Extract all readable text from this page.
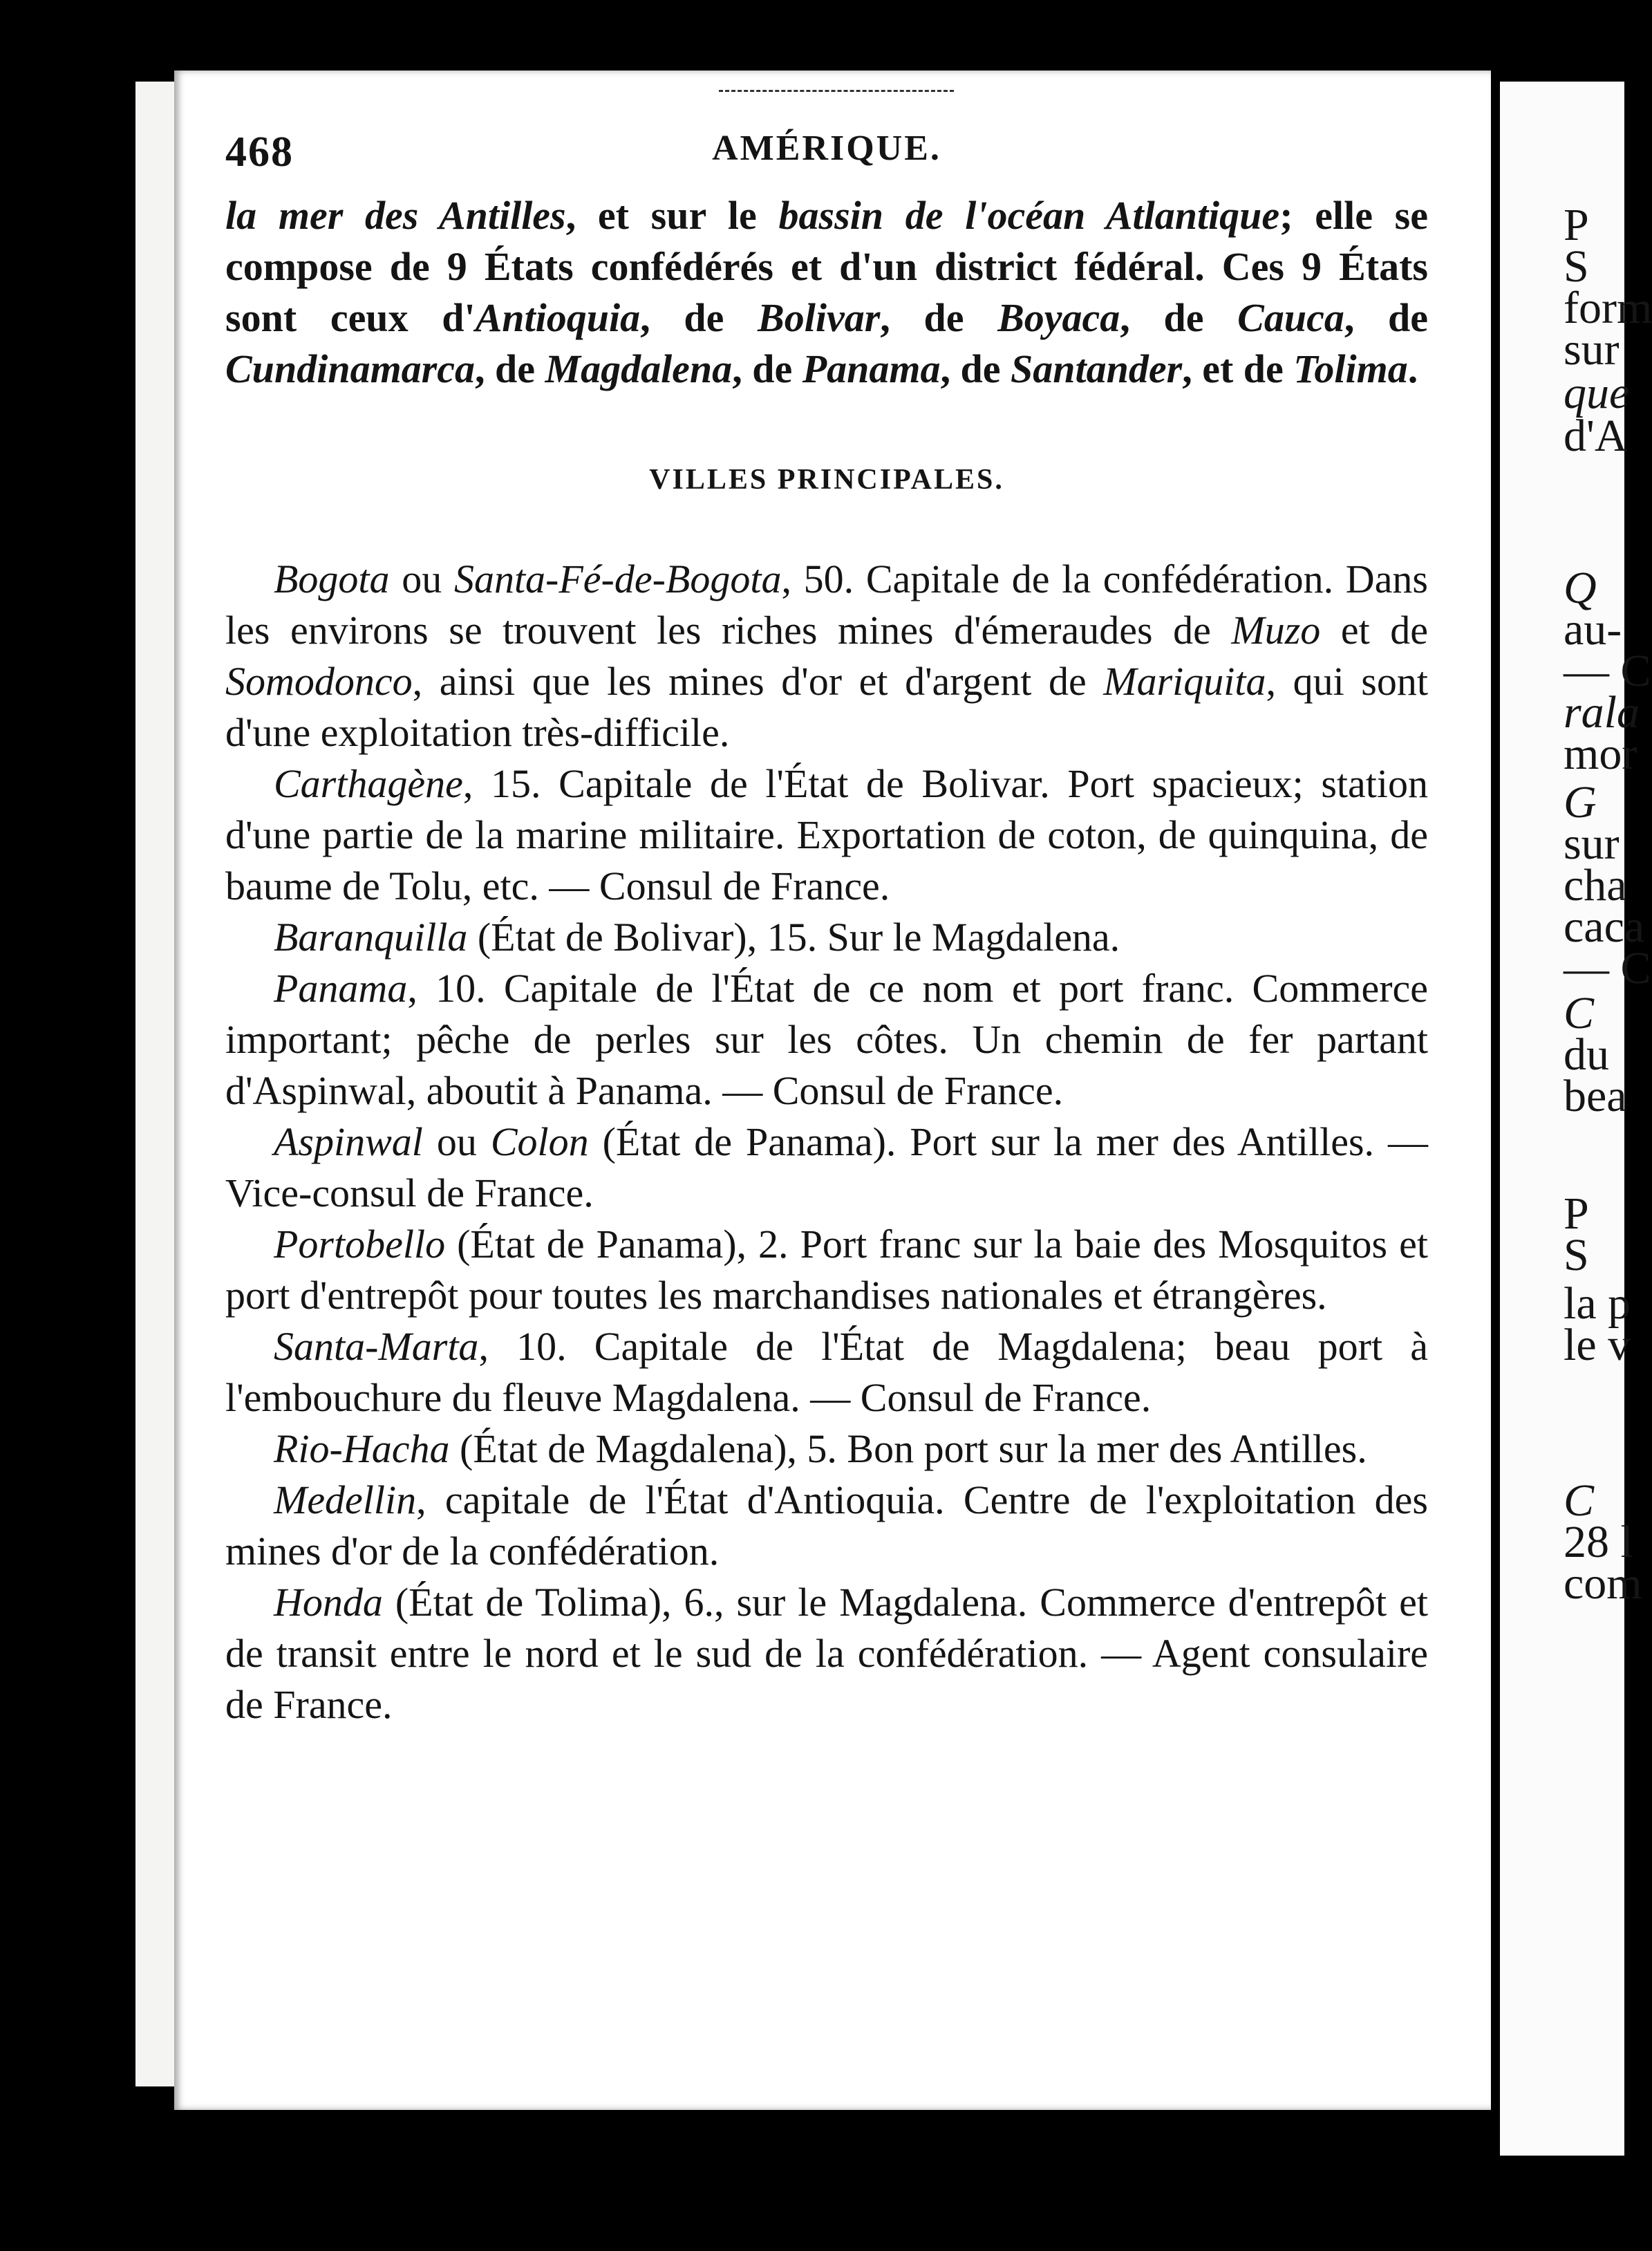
P
S
form
sur
que
d'A
Q
au-
— C
rala
mor
G
sur
cha
caca
— C
C
du
bea
P
S
la p
le v
C
28 l
com
468	AMÉRIQUE.

la mer des Antilles, et sur le bassin de l'océan Atlantique; elle se compose de 9 États confédérés et d'un district fédéral. Ces 9 États sont ceux d'Antioquia, de Bolivar, de Boyaca, de Cauca, de Cundinamarca, de Magdalena, de Panama, de Santander, et de Tolima.

VILLES PRINCIPALES.

Bogota ou Santa-Fé-de-Bogota, 50. Capitale de la confédération. Dans les environs se trouvent les riches mines d'émeraudes de Muzo et de Somodonco, ainsi que les mines d'or et d'argent de Mariquita, qui sont d'une exploitation très-difficile.

Carthagène, 15. Capitale de l'État de Bolivar. Port spacieux; station d'une partie de la marine militaire. Exportation de coton, de quinquina, de baume de Tolu, etc. — Consul de France.

Baranquilla (État de Bolivar), 15. Sur le Magdalena.

Panama, 10. Capitale de l'État de ce nom et port franc. Commerce important; pêche de perles sur les côtes. Un chemin de fer partant d'Aspinwal, aboutit à Panama. — Consul de France.

Aspinwal ou Colon (État de Panama). Port sur la mer des Antilles. — Vice-consul de France.

Portobello (État de Panama), 2. Port franc sur la baie des Mosquitos et port d'entrepôt pour toutes les marchandises nationales et étrangères.

Santa-Marta, 10. Capitale de l'État de Magdalena; beau port à l'embouchure du fleuve Magdalena. — Consul de France.

Rio-Hacha (État de Magdalena), 5. Bon port sur la mer des Antilles.

Medellin, capitale de l'État d'Antioquia. Centre de l'exploitation des mines d'or de la confédération.

Honda (État de Tolima), 6., sur le Magdalena. Commerce d'entrepôt et de transit entre le nord et le sud de la confédération. — Agent consulaire de France.
